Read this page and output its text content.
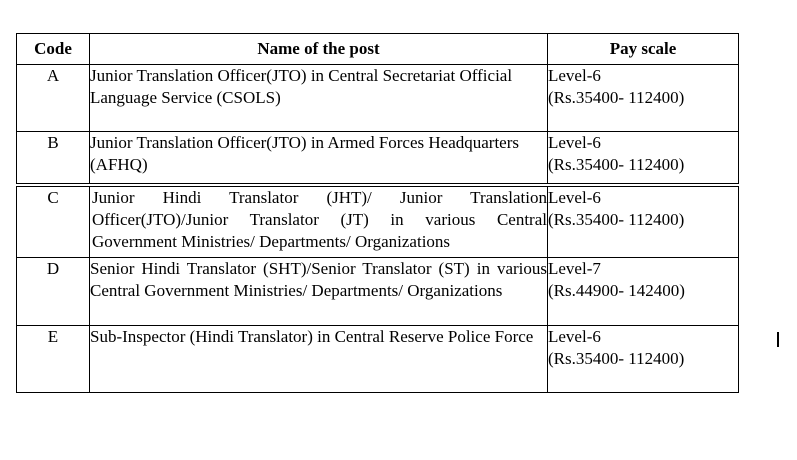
Code	Name of the post	Pay scale
A	Junior Translation Officer(JTO) in Central Secretariat Official Language Service (CSOLS)	Level-6
(Rs.35400- 112400)

B	Junior Translation Officer(JTO) in Armed Forces Headquarters (AFHQ)	Level-6
(Rs.35400- 112400)

C	Junior Hindi Translator (JHT)/ Junior Translation Officer(JTO)/Junior Translator (JT) in various Central Government Ministries/ Departments/ Organizations	Level-6
(Rs.35400- 112400)

D	Senior Hindi Translator (SHT)/Senior Translator (ST) in various Central Government Ministries/ Departments/ Organizations	Level-7
(Rs.44900- 142400)

E	Sub-Inspector (Hindi Translator) in Central Reserve Police Force	Level-6
(Rs.35400- 112400)
